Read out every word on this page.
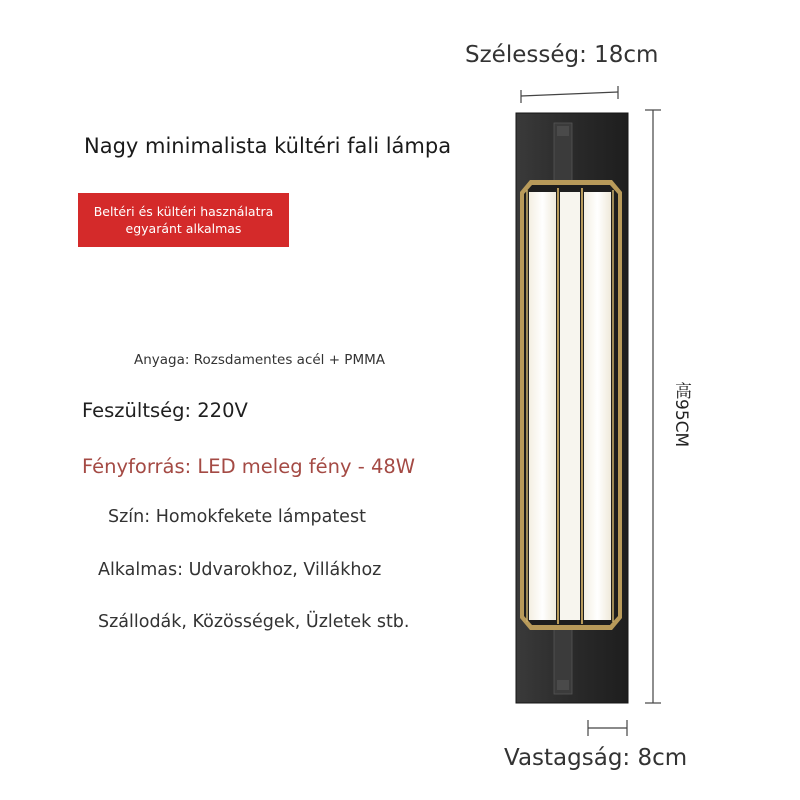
Nagy minimalista kültéri fali lámpa
Beltéri és kültéri használatra
egyaránt alkalmas
Anyaga: Rozsdamentes acél + PMMA
Feszültség: 220V
Fényforrás: LED meleg fény - 48W
Szín: Homokfekete lámpatest
Alkalmas: Udvarokhoz, Villákhoz
Szállodák, Közösségek, Üzletek stb.
Szélesség: 18cm
高95CM
Vastagság: 8cm
